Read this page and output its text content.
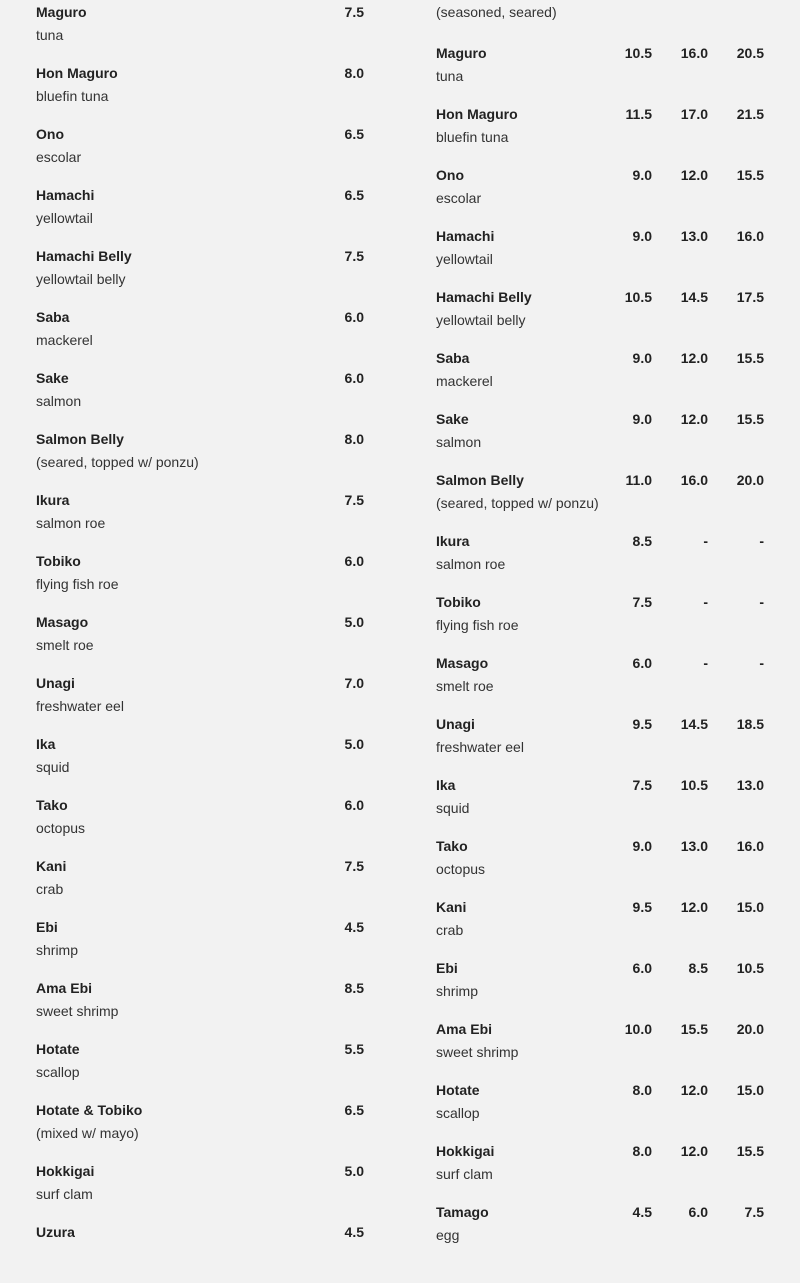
Maguro
tuna
7.5
Hon Maguro
bluefin tuna
8.0
Ono
escolar
6.5
Hamachi
yellowtail
6.5
Hamachi Belly
yellowtail belly
7.5
Saba
mackerel
6.0
Sake
salmon
6.0
Salmon Belly
(seared, topped w/ ponzu)
8.0
Ikura
salmon roe
7.5
Tobiko
flying fish roe
6.0
Masago
smelt roe
5.0
Unagi
freshwater eel
7.0
Ika
squid
5.0
Tako
octopus
6.0
Kani
crab
7.5
Ebi
shrimp
4.5
Ama Ebi
sweet shrimp
8.5
Hotate
scallop
5.5
Hotate & Tobiko
(mixed w/ mayo)
6.5
Hokkigai
surf clam
5.0
Uzura	4.5
(seasoned, seared)
Maguro
tuna
10.5	16.0	20.5
Hon Maguro
bluefin tuna
11.5	17.0	21.5
Ono
escolar
9.0	12.0	15.5
Hamachi
yellowtail
9.0	13.0	16.0
Hamachi Belly
yellowtail belly
10.5	14.5	17.5
Saba
mackerel
9.0	12.0	15.5
Sake
salmon
9.0	12.0	15.5
Salmon Belly
(seared, topped w/ ponzu)
11.0	16.0	20.0
Ikura
salmon roe
8.5	-	-
Tobiko
flying fish roe
7.5	-	-
Masago
smelt roe
6.0	-	-
Unagi
freshwater eel
9.5	14.5	18.5
Ika
squid
7.5	10.5	13.0
Tako
octopus
9.0	13.0	16.0
Kani
crab
9.5	12.0	15.0
Ebi
shrimp
6.0	8.5	10.5
Ama Ebi
sweet shrimp
10.0	15.5	20.0
Hotate
scallop
8.0	12.0	15.0
Hokkigai
surf clam
8.0	12.0	15.5
Tamago
egg
4.5	6.0	7.5
